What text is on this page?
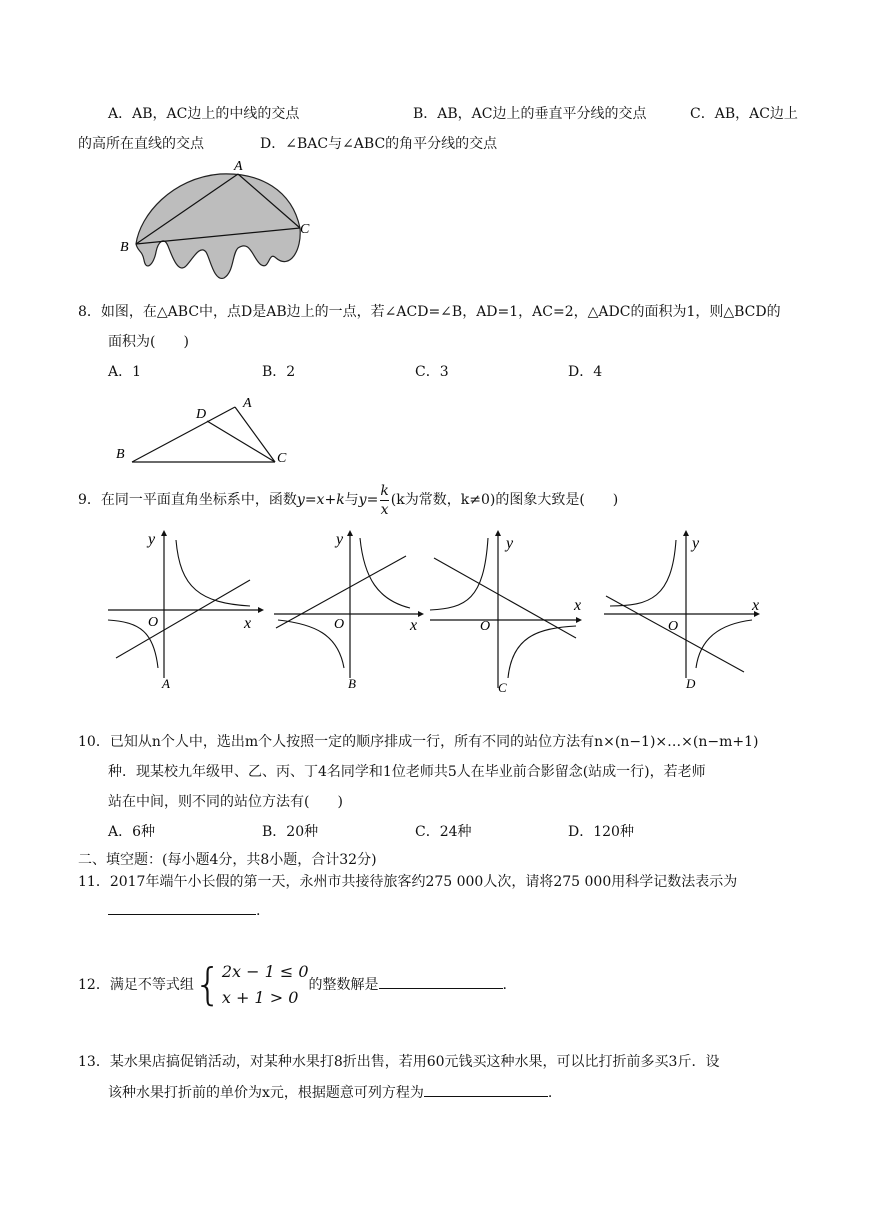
A．AB，AC边上的中线的交点	B．AB，AC边上的垂直平分线的交点	C．AB，AC边上
的高所在直线的交点	D．∠BAC与∠ABC的角平分线的交点
A
B
C
8．如图，在△ABC中，点D是AB边上的一点，若∠ACD=∠B，AD=1，AC=2，△ADC的面积为1，则△BCD的
面积为(　　)
A．1	B．2	C．3	D．4
D
A
B	C
9．在同一平面直角坐标系中，函数y=x+k与$y= \frac{k}{x} (k$为常数，k≠0)的图象大致是(　　)
y
x
O
A
y
x
O
B
y
x
O
C
y
x
O
D
10．已知从n个人中，选出m个人按照一定的顺序排成一行，所有不同的站位方法有n×(n−1)×…×(n−m+1)
种．现某校九年级甲、乙、丙、丁4名同学和1位老师共5人在毕业前合影留念(站成一行)，若老师
站在中间，则不同的站位方法有(　　)
A．6种	B．20种	C．24种	D．120种
二、填空题：(每小题4分，共8小题，合计32分)
11．2017年端午小长假的第一天，永州市共接待旅客约275 000人次，请将275 000用科学记数法表示为
.
12．满足不等式组{ 2x − 1 ≤ 0
x + 1 > 0
的整数解是	.
13．某水果店搞促销活动，对某种水果打8折出售，若用60元钱买这种水果，可以比打折前多买3斤．设
该种水果打折前的单价为x元，根据题意可列方程为	.
